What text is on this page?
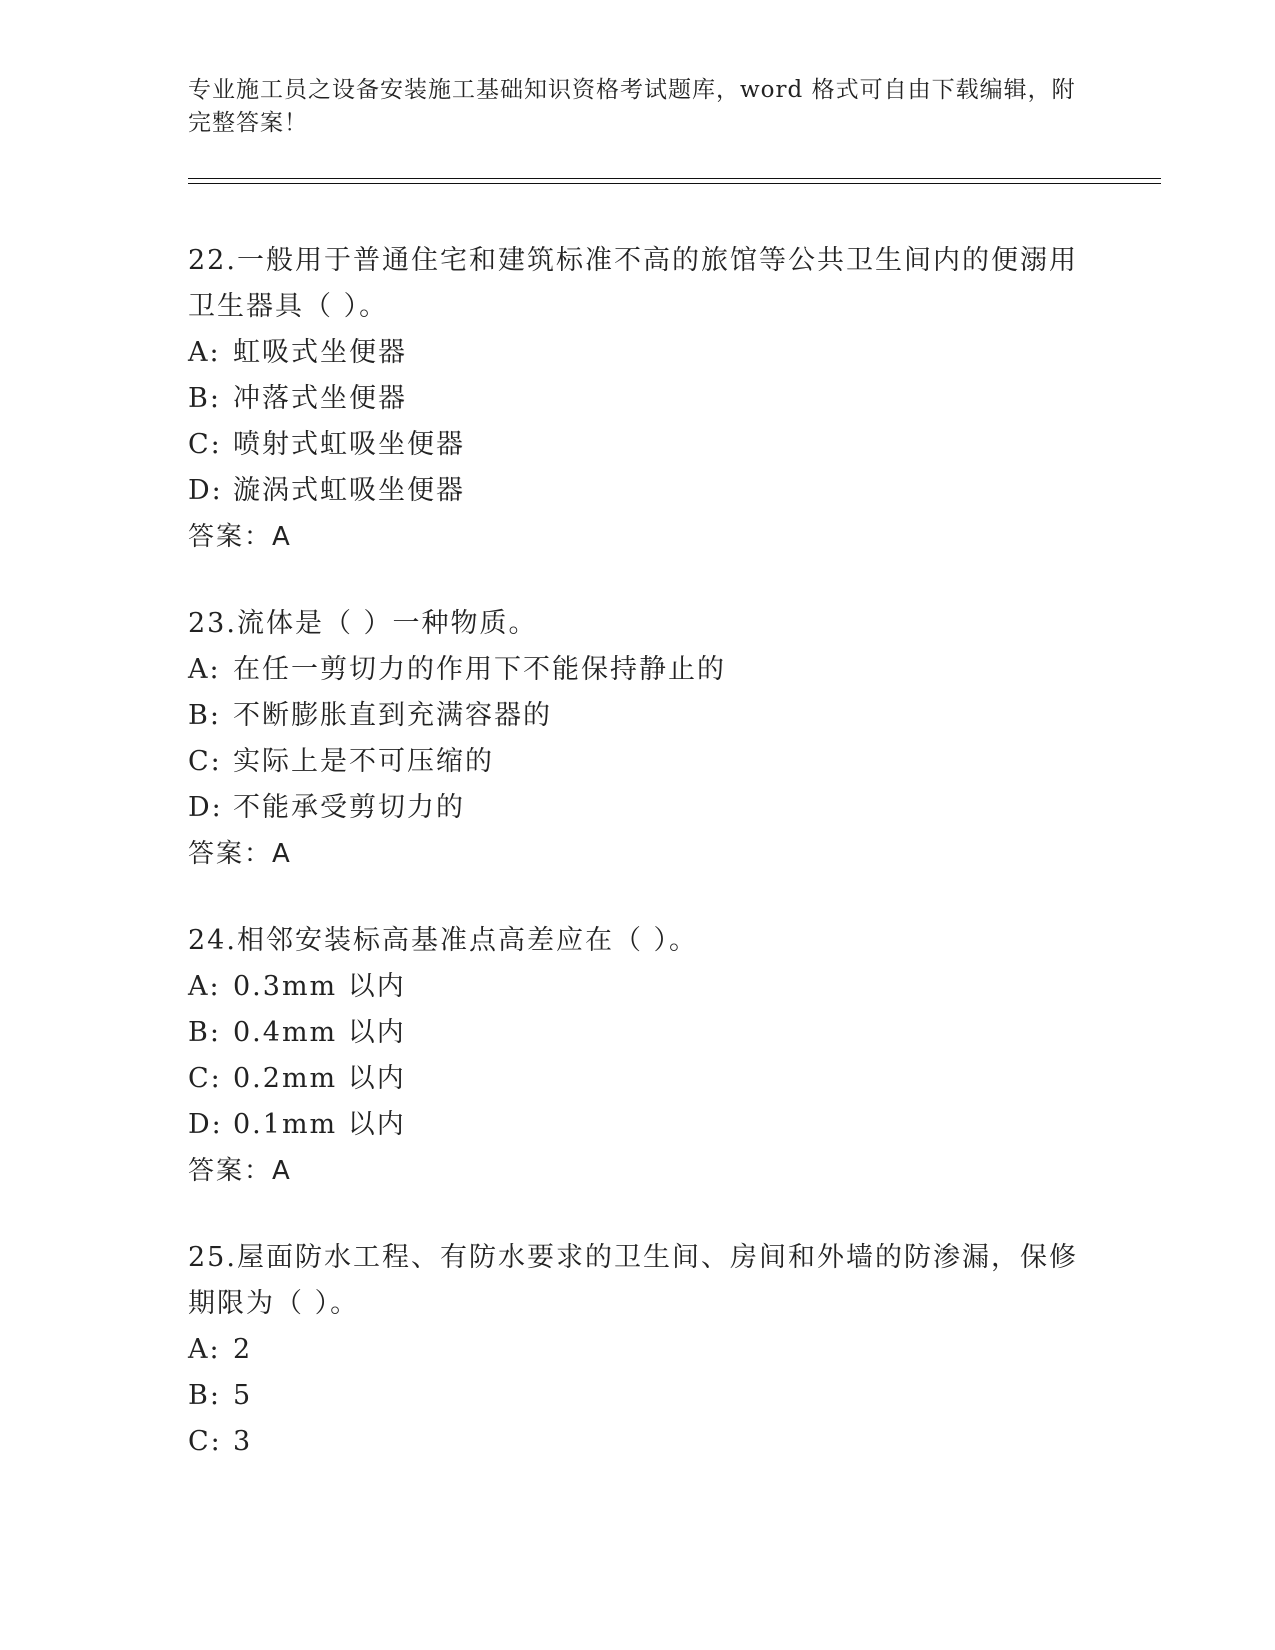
专业施工员之设备安装施工基础知识资格考试题库，word 格式可自由下载编辑，附完整答案！
22.一般用于普通住宅和建筑标准不高的旅馆等公共卫生间内的便溺用卫生器具（ ）。
A: 虹吸式坐便器
B: 冲落式坐便器
C: 喷射式虹吸坐便器
D: 漩涡式虹吸坐便器
答案：A
23.流体是（ ）一种物质。
A: 在任一剪切力的作用下不能保持静止的
B: 不断膨胀直到充满容器的
C: 实际上是不可压缩的
D: 不能承受剪切力的
答案：A
24.相邻安装标高基准点高差应在（ ）。
A: 0.3mm 以内
B: 0.4mm 以内
C: 0.2mm 以内
D: 0.1mm 以内
答案：A
25.屋面防水工程、有防水要求的卫生间、房间和外墙的防渗漏，保修期限为（ ）。
A: 2
B: 5
C: 3
